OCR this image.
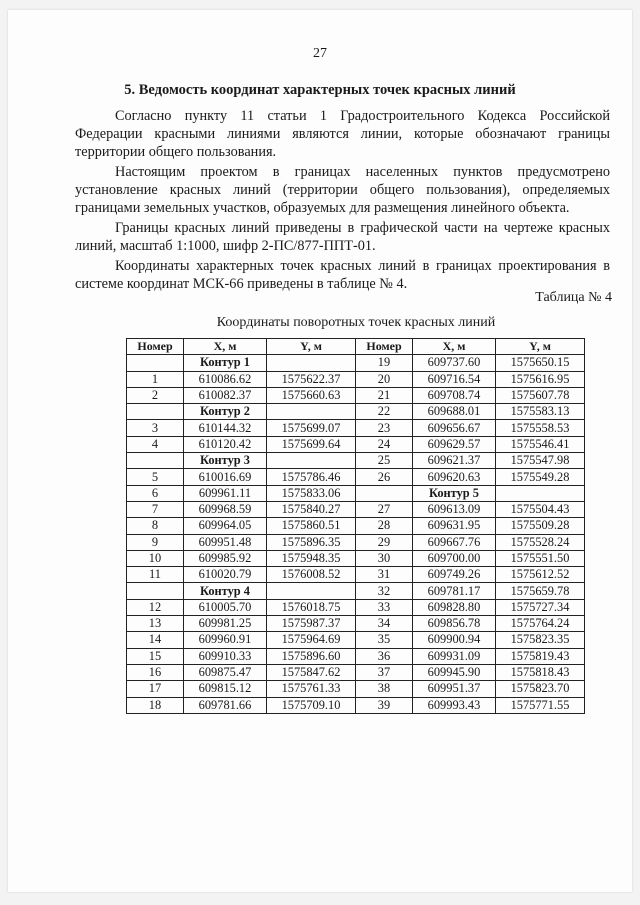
27
5. Ведомость координат характерных точек красных линий

Согласно пункту 11 статьи 1 Градостроительного Кодекса Российской Федерации красными линиями являются линии, которые обозначают границы территории общего пользования.

Настоящим проектом в границах населенных пунктов предусмотрено установление красных линий (территории общего пользования), определяемых границами земельных участков, образуемых для размещения линейного объекта.

Границы красных линий приведены в графической части на чертеже красных линий, масштаб 1:1000, шифр 2-ПС/877-ППТ-01.

Координаты характерных точек красных линий в границах проектирования в системе координат МСК-66 приведены в таблице № 4.

Таблица № 4
Координаты поворотных точек красных линий
Номер	X, м	Y, м	Номер	X, м	Y, м
	Контур 1		19	609737.60	1575650.15
1	610086.62	1575622.37	20	609716.54	1575616.95
2	610082.37	1575660.63	21	609708.74	1575607.78
	Контур 2		22	609688.01	1575583.13
3	610144.32	1575699.07	23	609656.67	1575558.53
4	610120.42	1575699.64	24	609629.57	1575546.41
	Контур 3		25	609621.37	1575547.98
5	610016.69	1575786.46	26	609620.63	1575549.28
6	609961.11	1575833.06		Контур 5	
7	609968.59	1575840.27	27	609613.09	1575504.43
8	609964.05	1575860.51	28	609631.95	1575509.28
9	609951.48	1575896.35	29	609667.76	1575528.24
10	609985.92	1575948.35	30	609700.00	1575551.50
11	610020.79	1576008.52	31	609749.26	1575612.52
	Контур 4		32	609781.17	1575659.78
12	610005.70	1576018.75	33	609828.80	1575727.34
13	609981.25	1575987.37	34	609856.78	1575764.24
14	609960.91	1575964.69	35	609900.94	1575823.35
15	609910.33	1575896.60	36	609931.09	1575819.43
16	609875.47	1575847.62	37	609945.90	1575818.43
17	609815.12	1575761.33	38	609951.37	1575823.70
18	609781.66	1575709.10	39	609993.43	1575771.55
